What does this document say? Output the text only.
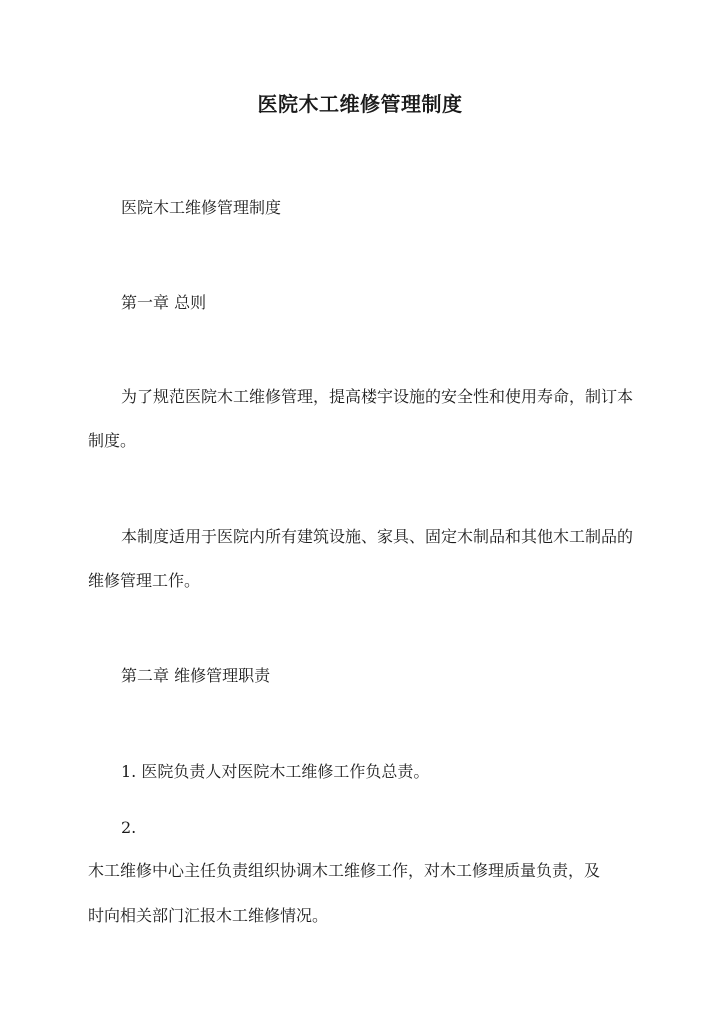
医院木工维修管理制度
医院木工维修管理制度
第一章 总则
为了规范医院木工维修管理，提高楼宇设施的安全性和使用寿命，制订本制度。
本制度适用于医院内所有建筑设施、家具、固定木制品和其他木工制品的维修管理工作。
第二章 维修管理职责
1. 医院负责人对医院木工维修工作负总责。
2.
木工维修中心主任负责组织协调木工维修工作，对木工修理质量负责，及
时向相关部门汇报木工维修情况。
